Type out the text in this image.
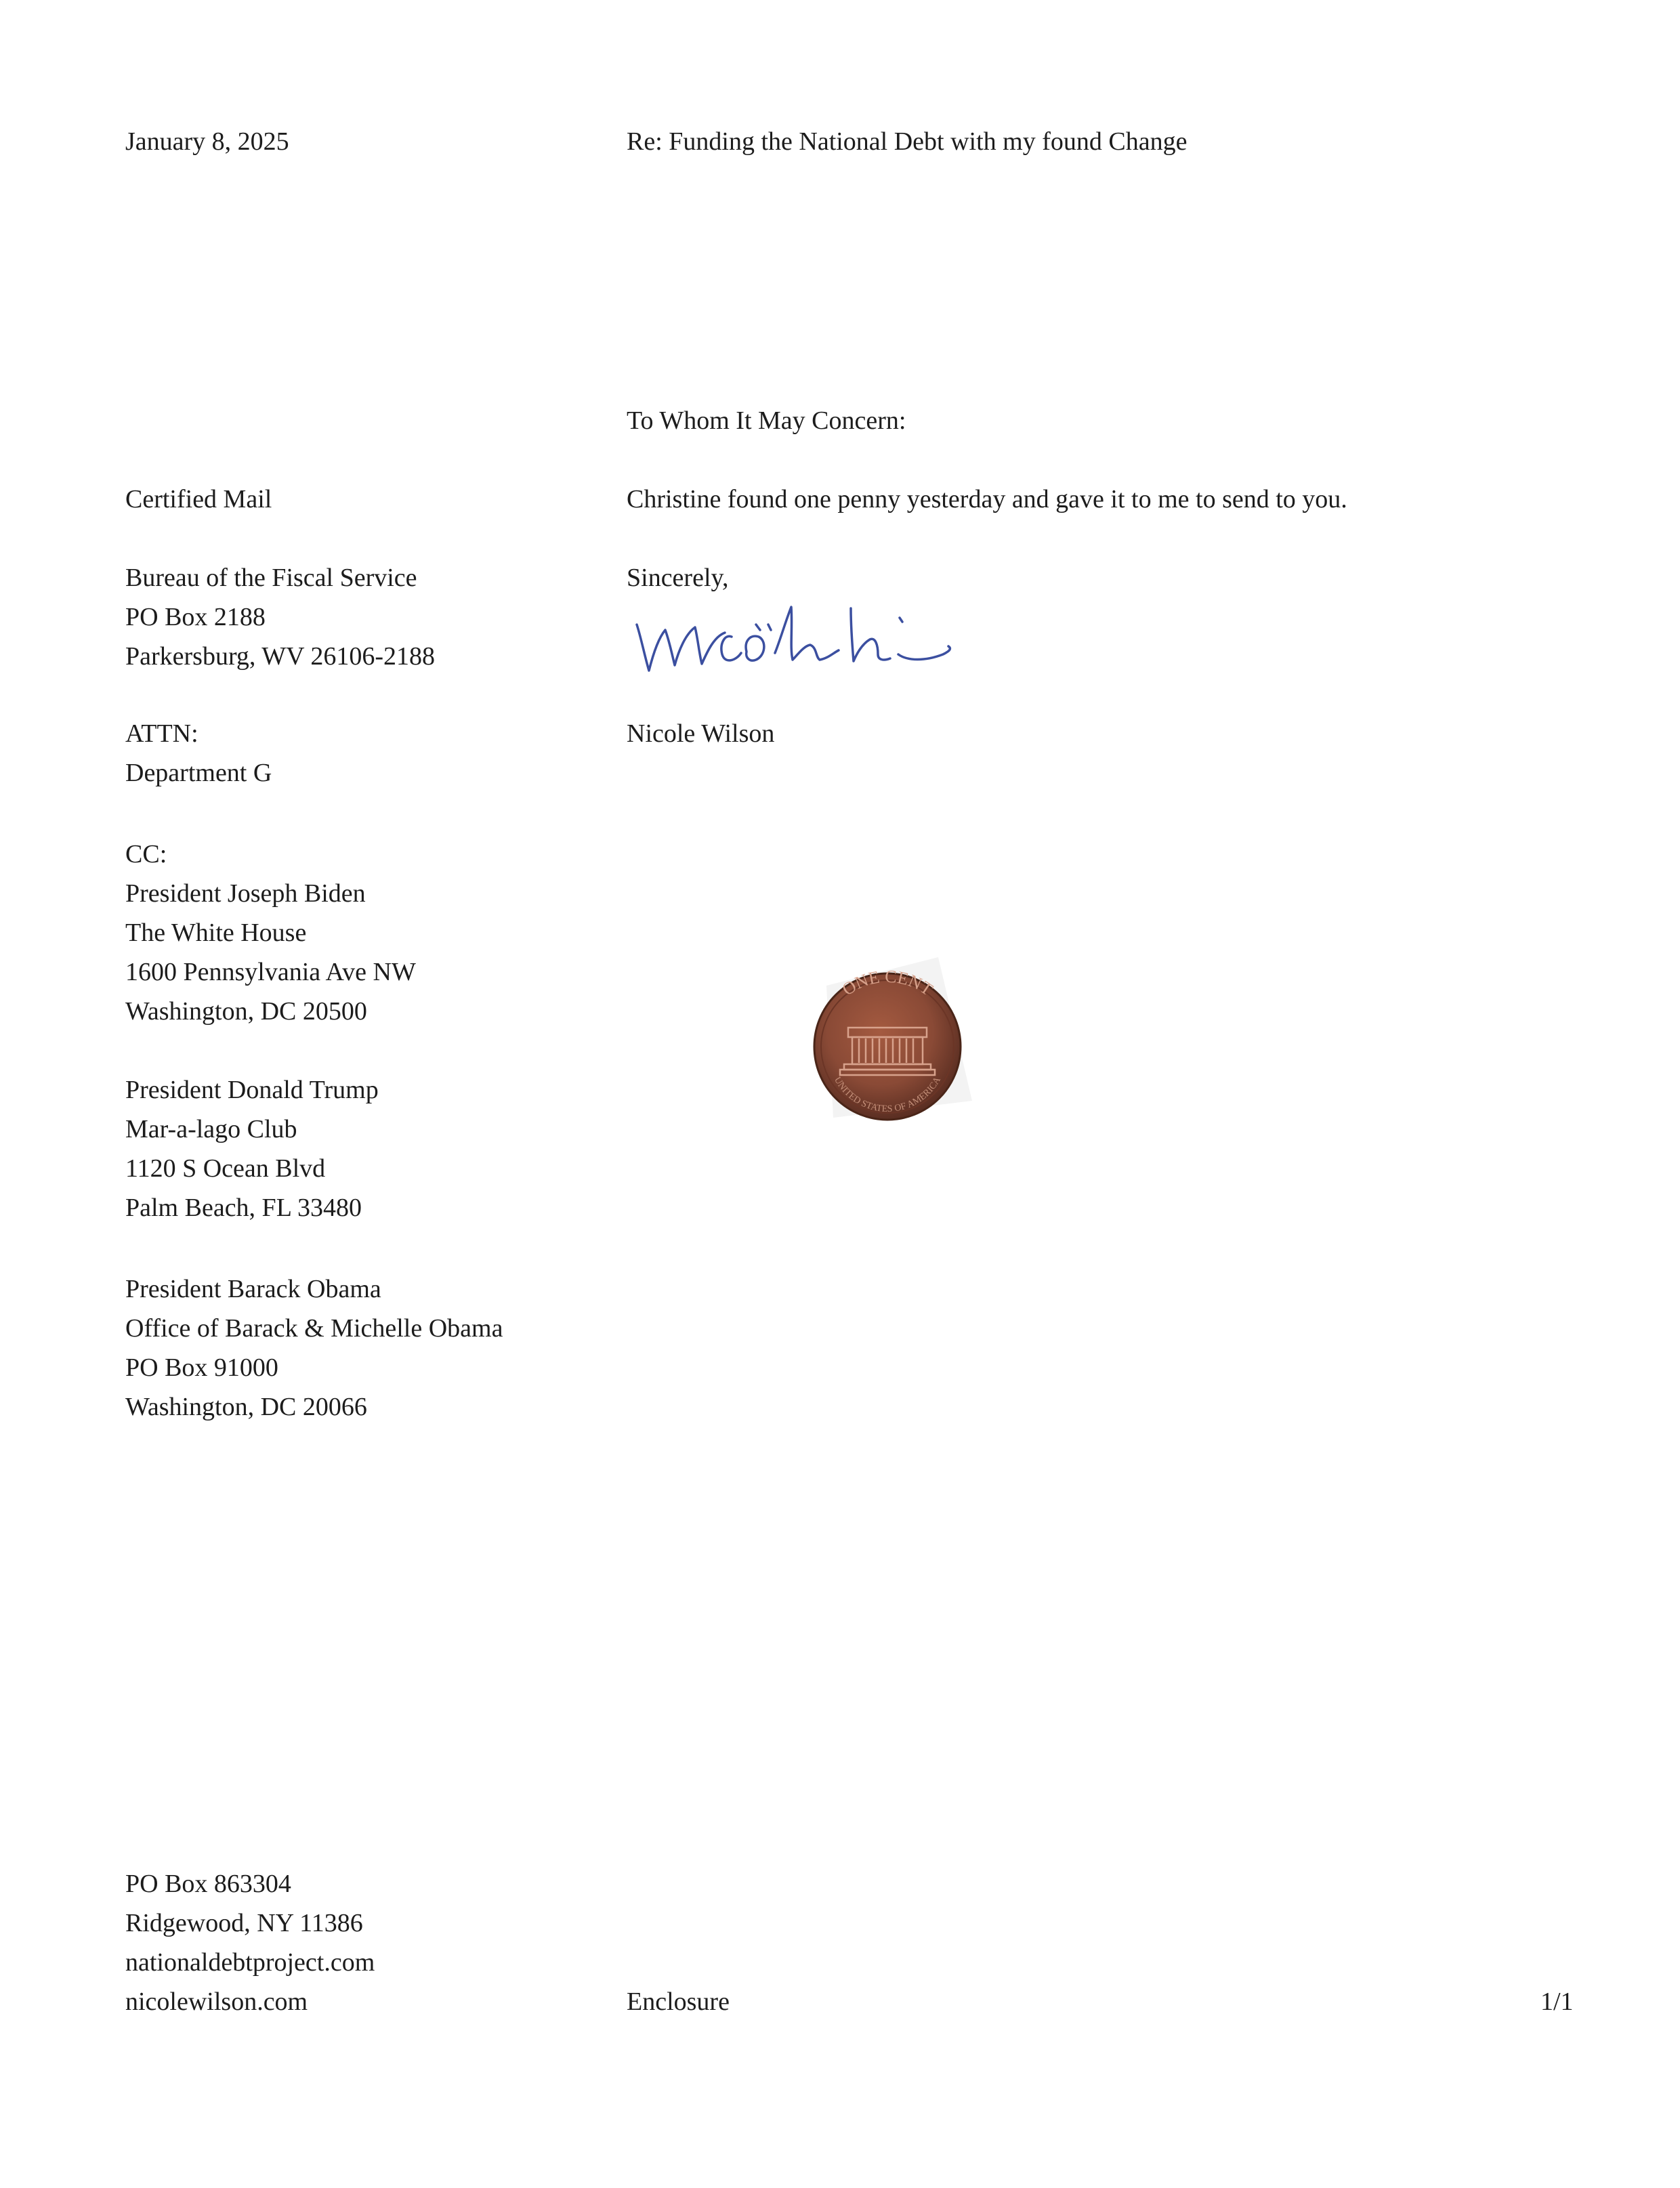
January 8, 2025	Re: Funding the National Debt with my found Change
To Whom It May Concern:
Christine found one penny yesterday and gave it to me to send to you.
Sincerely,
Nicole Wilson
ONE CENT
UNITED STATES OF AMERICA
Certified Mail
Bureau of the Fiscal Service
PO Box 2188
Parkersburg, WV 26106-2188
ATTN:
Department G
CC:
President Joseph Biden
The White House
1600 Pennsylvania Ave NW
Washington, DC 20500
President Donald Trump
Mar-a-lago Club
1120 S Ocean Blvd
Palm Beach, FL 33480
President Barack Obama
Office of Barack & Michelle Obama
PO Box 91000
Washington, DC 20066
PO Box 863304
Ridgewood, NY 11386
nationaldebtproject.com
nicolewilson.com	Enclosure	1/1
